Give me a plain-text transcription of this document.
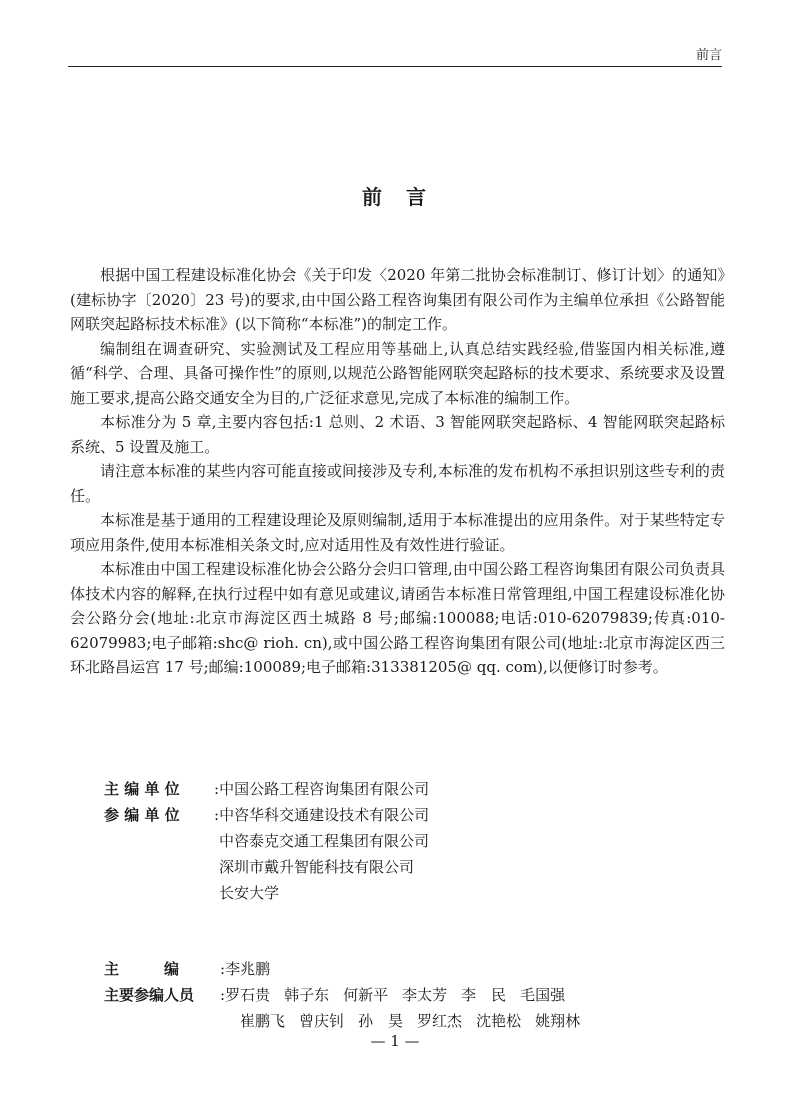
前言
前　言

根据中国工程建设标准化协会《关于印发〈2020 年第二批协会标准制订、修订计划〉的通知》(建标协字〔2020〕23 号)的要求,由中国公路工程咨询集团有限公司作为主编单位承担《公路智能网联突起路标技术标准》(以下简称“本标准”)的制定工作。

编制组在调查研究、实验测试及工程应用等基础上,认真总结实践经验,借鉴国内相关标准,遵循“科学、合理、具备可操作性”的原则,以规范公路智能网联突起路标的技术要求、系统要求及设置施工要求,提高公路交通安全为目的,广泛征求意见,完成了本标准的编制工作。

本标准分为 5 章,主要内容包括:1 总则、2 术语、3 智能网联突起路标、4 智能网联突起路标系统、5 设置及施工。

请注意本标准的某些内容可能直接或间接涉及专利,本标准的发布机构不承担识别这些专利的责任。

本标准是基于通用的工程建设理论及原则编制,适用于本标准提出的应用条件。对于某些特定专项应用条件,使用本标准相关条文时,应对适用性及有效性进行验证。

本标准由中国工程建设标准化协会公路分会归口管理,由中国公路工程咨询集团有限公司负责具体技术内容的解释,在执行过程中如有意见或建议,请函告本标准日常管理组,中国工程建设标准化协会公路分会(地址:北京市海淀区西土城路 8 号;邮编:100088;电话:010-62079839;传真:010-62079983;电子邮箱:shc@ rioh. cn),或中国公路工程咨询集团有限公司(地址:北京市海淀区西三环北路昌运宫 17 号;邮编:100089;电子邮箱:313381205@ qq. com),以便修订时参考。

主 编 单 位	: 中国公路工程咨询集团有限公司
参 编 单 位	: 中咨华科交通建设技术有限公司
中咨泰克交通工程集团有限公司
深圳市戴升智能科技有限公司
长安大学
主　　　编	: 李兆鹏
主要参编人员	: 罗石贵 韩子东 何新平 李太芳 李　民 毛国强
崔鹏飞 曾庆钊 孙　昊 罗红杰 沈艳松 姚翔林
— 1 —
